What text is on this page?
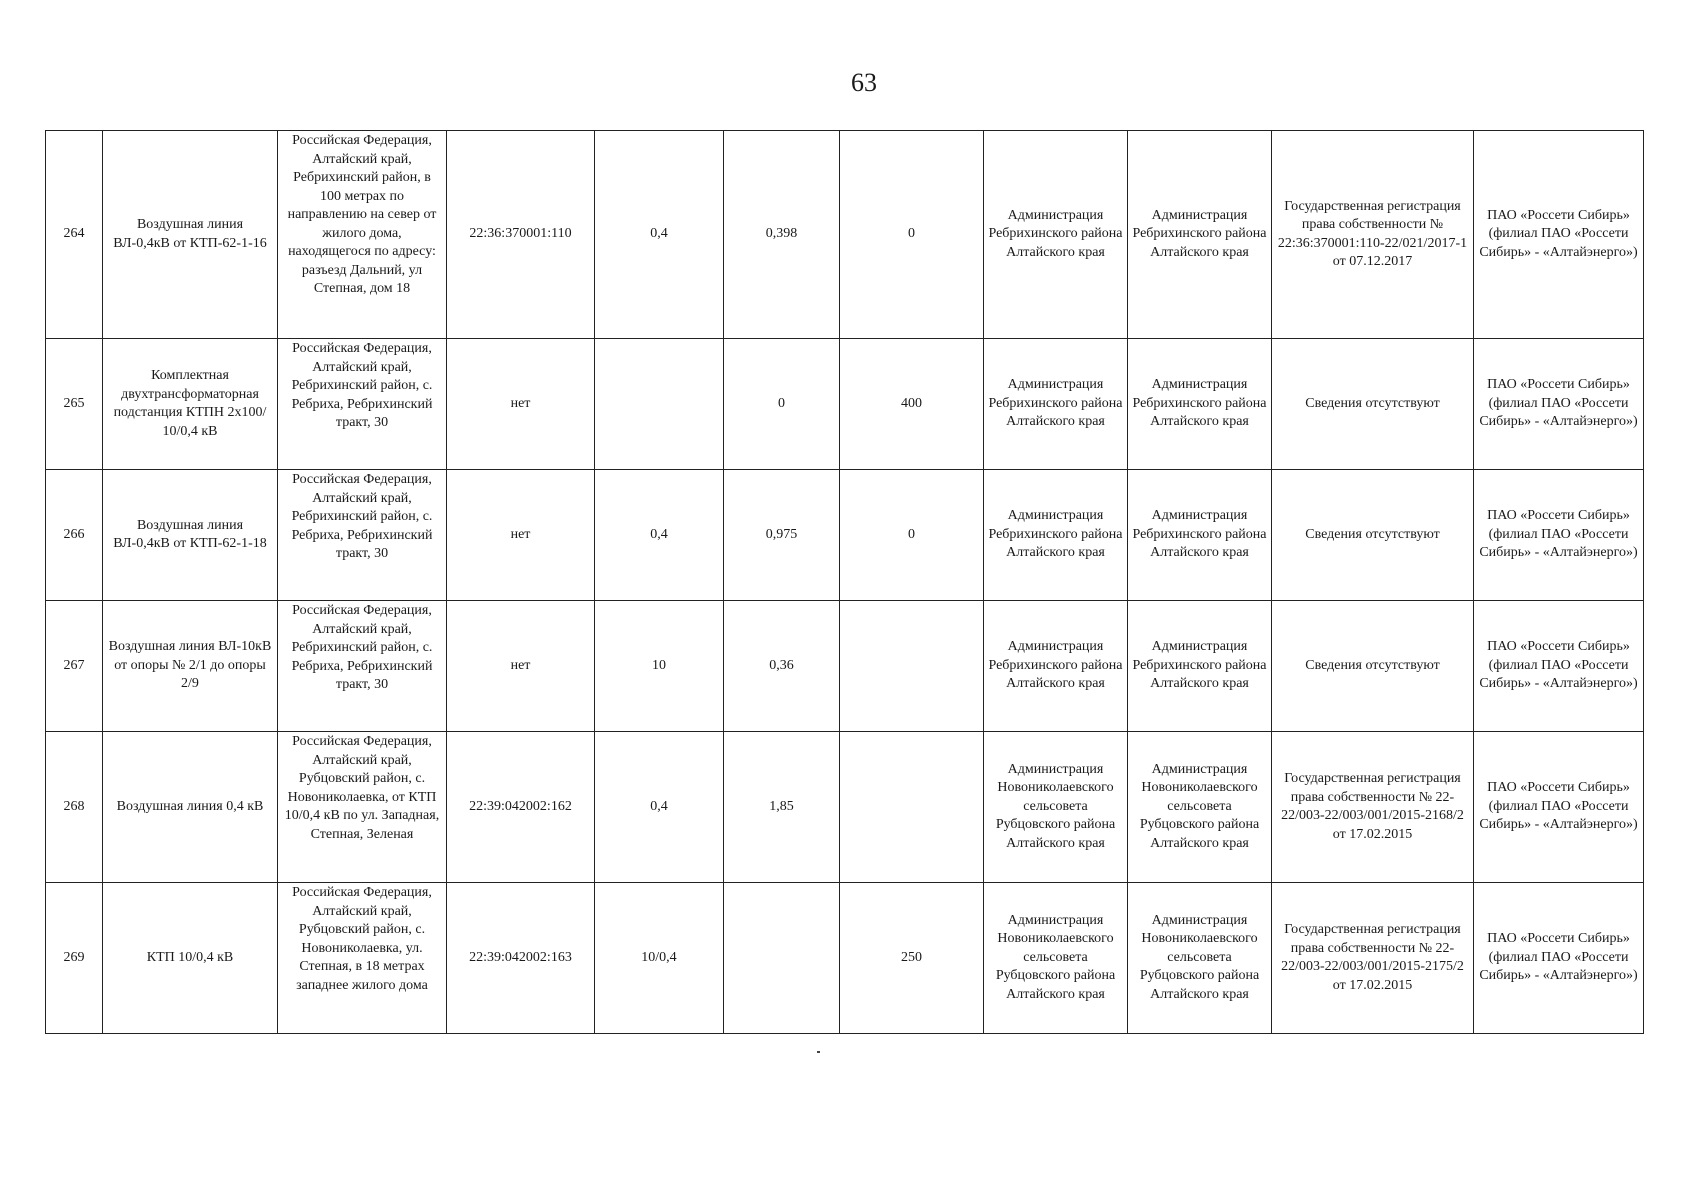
63
264	Воздушная линия ВЛ-0,4кВ от КТП-62-1-16	Российская Федерация, Алтайский край, Ребрихинский район, в 100 метрах по направлению на север от жилого дома, находящегося по адресу: разъезд Дальний, ул Степная, дом 18	22:36:370001:110	0,4	0,398	0	Администрация Ребрихинского района Алтайского края	Администрация Ребрихинского района Алтайского края	Государственная регистрация права собственности № 22:36:370001:110-22/021/2017-1 от 07.12.2017	ПАО «Россети Сибирь» (филиал ПАО «Россети Сибирь» - «Алтайэнерго»)
265	Комплектная двухтрансформаторная подстанция КТПН 2х100/ 10/0,4 кВ	Российская Федерация, Алтайский край, Ребрихинский район, с. Ребриха, Ребрихинский тракт, 30	нет		0	400	Администрация Ребрихинского района Алтайского края	Администрация Ребрихинского района Алтайского края	Сведения отсутствуют	ПАО «Россети Сибирь» (филиал ПАО «Россети Сибирь» - «Алтайэнерго»)
266	Воздушная линия ВЛ-0,4кВ от КТП-62-1-18	Российская Федерация, Алтайский край, Ребрихинский район, с. Ребриха, Ребрихинский тракт, 30	нет	0,4	0,975	0	Администрация Ребрихинского района Алтайского края	Администрация Ребрихинского района Алтайского края	Сведения отсутствуют	ПАО «Россети Сибирь» (филиал ПАО «Россети Сибирь» - «Алтайэнерго»)
267	Воздушная линия ВЛ-10кВ от опоры № 2/1 до опоры 2/9	Российская Федерация, Алтайский край, Ребрихинский район, с. Ребриха, Ребрихинский тракт, 30	нет	10	0,36		Администрация Ребрихинского района Алтайского края	Администрация Ребрихинского района Алтайского края	Сведения отсутствуют	ПАО «Россети Сибирь» (филиал ПАО «Россети Сибирь» - «Алтайэнерго»)
268	Воздушная линия 0,4 кВ	Российская Федерация, Алтайский край, Рубцовский район, с. Новониколаевка, от КТП 10/0,4 кВ по ул. Западная, Степная, Зеленая	22:39:042002:162	0,4	1,85		Администрация Новониколаевского сельсовета Рубцовского района Алтайского края	Администрация Новониколаевского сельсовета Рубцовского района Алтайского края	Государственная регистрация права собственности № 22-22/003-22/003/001/2015-2168/2 от 17.02.2015	ПАО «Россети Сибирь» (филиал ПАО «Россети Сибирь» - «Алтайэнерго»)
269	КТП 10/0,4 кВ	Российская Федерация, Алтайский край, Рубцовский район, с. Новониколаевка, ул. Степная, в 18 метрах западнее жилого дома	22:39:042002:163	10/0,4		250	Администрация Новониколаевского сельсовета Рубцовского района Алтайского края	Администрация Новониколаевского сельсовета Рубцовского района Алтайского края	Государственная регистрация права собственности № 22-22/003-22/003/001/2015-2175/2 от 17.02.2015	ПАО «Россети Сибирь» (филиал ПАО «Россети Сибирь» - «Алтайэнерго»)
